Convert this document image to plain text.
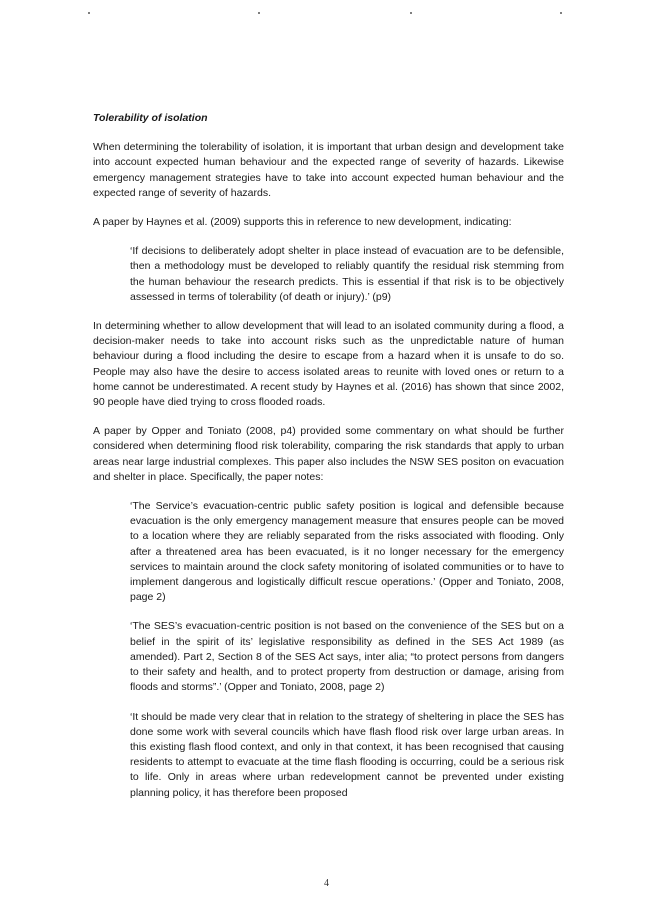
Tolerability of isolation

When determining the tolerability of isolation, it is important that urban design and development take into account expected human behaviour and the expected range of severity of hazards. Likewise emergency management strategies have to take into account expected human behaviour and the expected range of severity of hazards.

A paper by Haynes et al. (2009) supports this in reference to new development, indicating:

‘If decisions to deliberately adopt shelter in place instead of evacuation are to be defensible, then a methodology must be developed to reliably quantify the residual risk stemming from the human behaviour the research predicts. This is essential if that risk is to be objectively assessed in terms of tolerability (of death or injury).’ (p9)

In determining whether to allow development that will lead to an isolated community during a flood, a decision-maker needs to take into account risks such as the unpredictable nature of human behaviour during a flood including the desire to escape from a hazard when it is unsafe to do so. People may also have the desire to access isolated areas to reunite with loved ones or return to a home cannot be underestimated. A recent study by Haynes et al. (2016) has shown that since 2002, 90 people have died trying to cross flooded roads.

A paper by Opper and Toniato (2008, p4) provided some commentary on what should be further considered when determining flood risk tolerability, comparing the risk standards that apply to urban areas near large industrial complexes. This paper also includes the NSW SES positon on evacuation and shelter in place. Specifically, the paper notes:

‘The Service’s evacuation-centric public safety position is logical and defensible because evacuation is the only emergency management measure that ensures people can be moved to a location where they are reliably separated from the risks associated with flooding. Only after a threatened area has been evacuated, is it no longer necessary for the emergency services to maintain around the clock safety monitoring of isolated communities or to have to implement dangerous and logistically difficult rescue operations.’ (Opper and Toniato, 2008, page 2)

‘The SES’s evacuation-centric position is not based on the convenience of the SES but on a belief in the spirit of its’ legislative responsibility as defined in the SES Act 1989 (as amended). Part 2, Section 8 of the SES Act says, inter alia; “to protect persons from dangers to their safety and health, and to protect property from destruction or damage, arising from floods and storms”.’ (Opper and Toniato, 2008, page 2)

‘It should be made very clear that in relation to the strategy of sheltering in place the SES has done some work with several councils which have flash flood risk over large urban areas. In this existing flash flood context, and only in that context, it has been recognised that causing residents to attempt to evacuate at the time flash flooding is occurring, could be a serious risk to life. Only in areas where urban redevelopment cannot be prevented under existing planning policy, it has therefore been proposed

4
